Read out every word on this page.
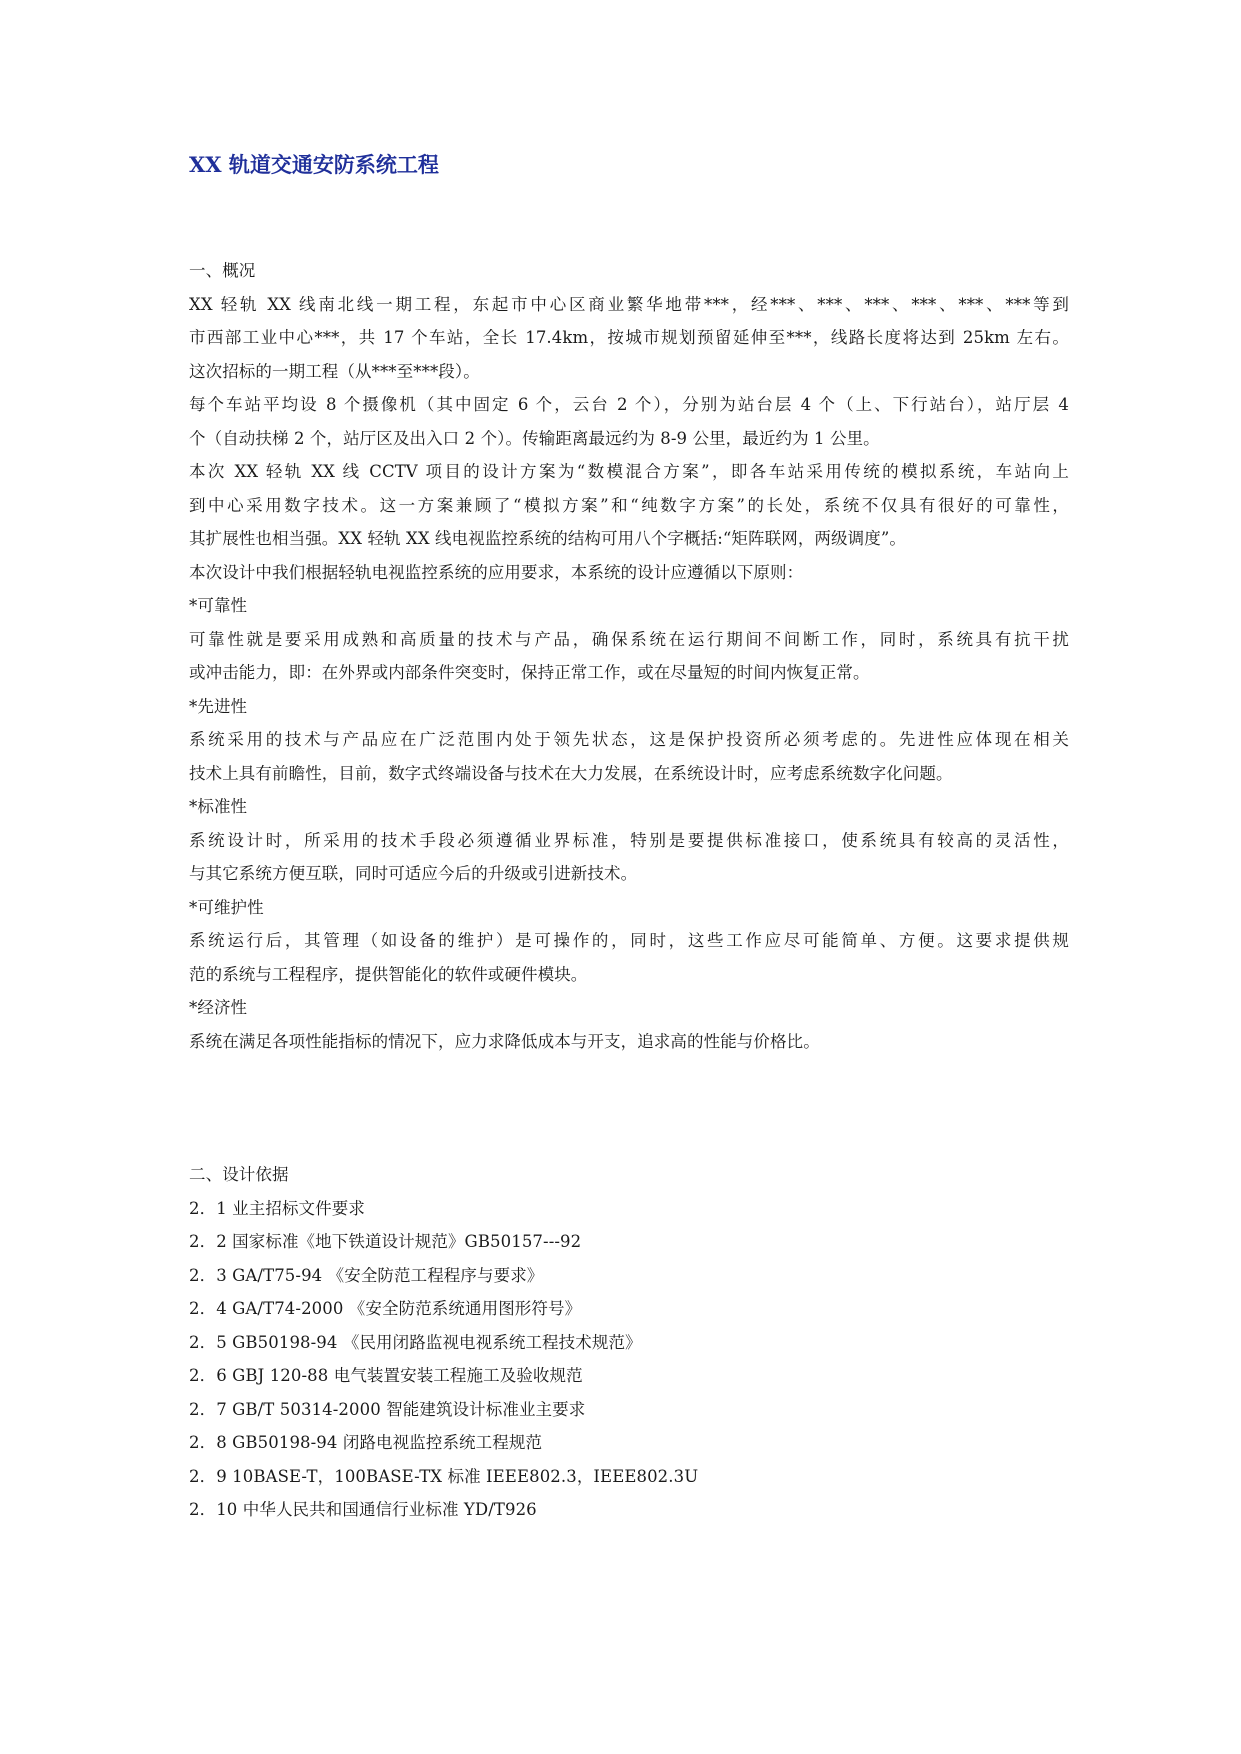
XX 轨道交通安防系统工程

一、概况

XX 轻轨 XX 线南北线一期工程，东起市中心区商业繁华地带***，经***、***、***、***、***、***等到

市西部工业中心***，共 17 个车站，全长 17.4km，按城市规划预留延伸至***，线路长度将达到 25km 左右。

这次招标的一期工程（从***至***段）。

每个车站平均设 8 个摄像机（其中固定 6 个，云台 2 个），分别为站台层 4 个（上、下行站台），站厅层 4

个（自动扶梯 2 个，站厅区及出入口 2 个）。传输距离最远约为 8-9 公里，最近约为 1 公里。

本次 XX 轻轨 XX 线 CCTV 项目的设计方案为“数模混合方案”，即各车站采用传统的模拟系统，车站向上

到中心采用数字技术。这一方案兼顾了“模拟方案”和“纯数字方案”的长处，系统不仅具有很好的可靠性，

其扩展性也相当强。XX 轻轨 XX 线电视监控系统的结构可用八个字概括:“矩阵联网，两级调度”。

本次设计中我们根据轻轨电视监控系统的应用要求，本系统的设计应遵循以下原则：

*可靠性

可靠性就是要采用成熟和高质量的技术与产品，确保系统在运行期间不间断工作，同时，系统具有抗干扰

或冲击能力，即：在外界或内部条件突变时，保持正常工作，或在尽量短的时间内恢复正常。

*先进性

系统采用的技术与产品应在广泛范围内处于领先状态，这是保护投资所必须考虑的。先进性应体现在相关

技术上具有前瞻性，目前，数字式终端设备与技术在大力发展，在系统设计时，应考虑系统数字化问题。

*标准性

系统设计时，所采用的技术手段必须遵循业界标准，特别是要提供标准接口，使系统具有较高的灵活性，

与其它系统方便互联，同时可适应今后的升级或引进新技术。

*可维护性

系统运行后，其管理（如设备的维护）是可操作的，同时，这些工作应尽可能简单、方便。这要求提供规

范的系统与工程程序，提供智能化的软件或硬件模块。

*经济性

系统在满足各项性能指标的情况下，应力求降低成本与开支，追求高的性能与价格比。

二、设计依据

2．1 业主招标文件要求

2．2 国家标准《地下铁道设计规范》GB50157---92

2．3 GA/T75-94 《安全防范工程程序与要求》

2．4 GA/T74-2000 《安全防范系统通用图形符号》

2．5 GB50198-94 《民用闭路监视电视系统工程技术规范》

2．6 GBJ 120-88 电气装置安装工程施工及验收规范

2．7 GB/T 50314-2000 智能建筑设计标准业主要求

2．8 GB50198-94 闭路电视监控系统工程规范

2．9 10BASE-T，100BASE-TX 标准 IEEE802.3，IEEE802.3U

2．10 中华人民共和国通信行业标准 YD/T926
